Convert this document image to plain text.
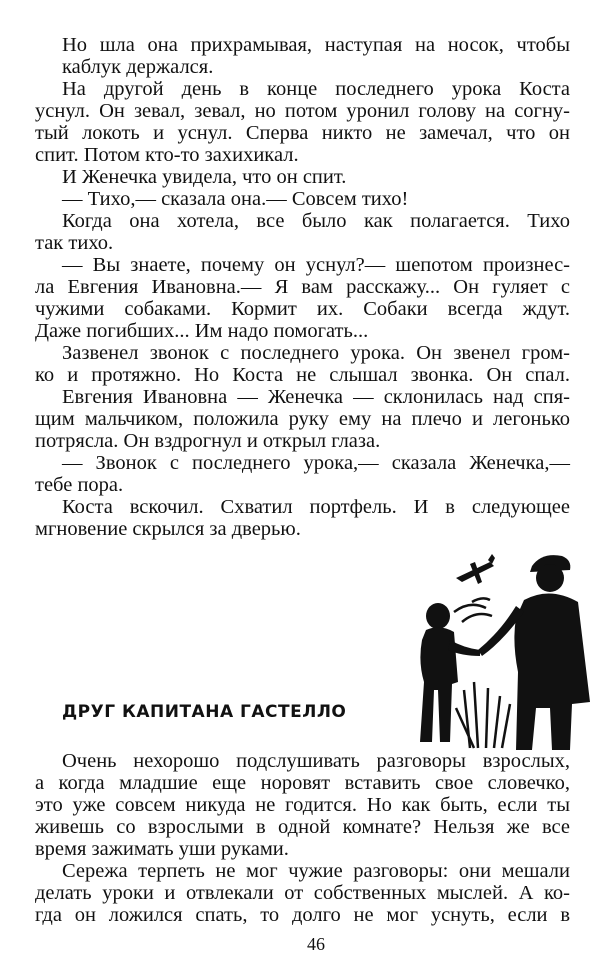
Но шла она прихрамывая, наступая на носок, чтобы
каблук держался.
На другой день в конце последнего урока Коста
уснул. Он зевал, зевал, но потом уронил голову на согну-
тый локоть и уснул. Сперва никто не замечал, что он
спит. Потом кто-то захихикал.
И Женечка увидела, что он спит.
— Тихо,— сказала она.— Совсем тихо!
Когда она хотела, все было как полагается. Тихо
так тихо.
— Вы знаете, почему он уснул?— шепотом произнес-
ла Евгения Ивановна.— Я вам расскажу... Он гуляет с
чужими собаками. Кормит их. Собаки всегда ждут.
Даже погибших... Им надо помогать...
Зазвенел звонок с последнего урока. Он звенел гром-
ко и протяжно. Но Коста не слышал звонка. Он спал.
Евгения Ивановна — Женечка — склонилась над спя-
щим мальчиком, положила руку ему на плечо и легонько
потрясла. Он вздрогнул и открыл глаза.
— Звонок с последнего урока,— сказала Женечка,—
тебе пора.
Коста вскочил. Схватил портфель. И в следующее
мгновение скрылся за дверью.
ДРУГ КАПИТАНА ГАСТЕЛЛО
Очень нехорошо подслушивать разговоры взрослых,
а когда младшие еще норовят вставить свое словечко,
это уже совсем никуда не годится. Но как быть, если ты
живешь со взрослыми в одной комнате? Нельзя же все
время зажимать уши руками.
Сережа терпеть не мог чужие разговоры: они мешали
делать уроки и отвлекали от собственных мыслей. А ко-
гда он ложился спать, то долго не мог уснуть, если в
46
